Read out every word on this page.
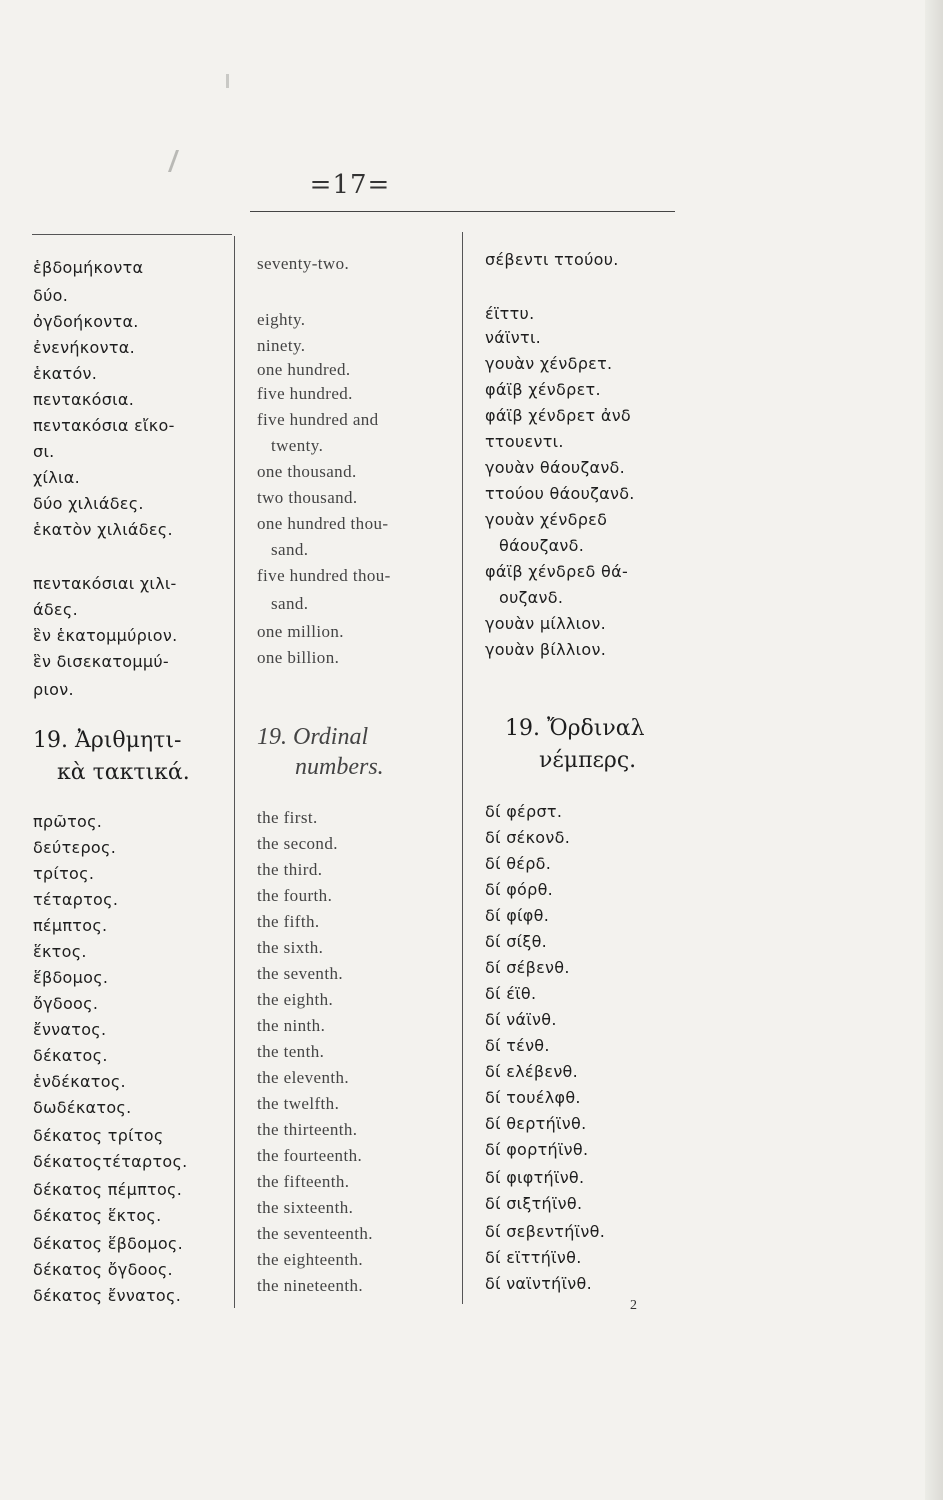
=17=
ἑβδομήκοντα
δύο.
ὀγδοήκοντα.
ἐνενήκοντα.
ἑκατόν.
πεντακόσια.
πεντακόσια εἴκο-
σι.
χίλια.
δύο χιλιάδες.
ἑκατὸν χιλιάδες.
πεντακόσιαι χιλι-
άδες.
ἓν ἑκατομμύριον.
ἓν δισεκατομμύ-
ριον.
19. Ἀριθμητι-
κὰ τακτικά.
πρῶτος.
δεύτερος.
τρίτος.
τέταρτος.
πέμπτος.
ἕκτος.
ἕβδομος.
ὄγδοος.
ἔννατος.
δέκατος.
ἑνδέκατος.
δωδέκατος.
δέκατος τρίτος
δέκατοςτέταρτος.
δέκατος πέμπτος.
δέκατος ἕκτος.
δέκατος ἕβδομος.
δέκατος ὄγδοος.
δέκατος ἔννατος.
seventy-two.
eighty.
ninety.
one hundred.
five hundred.
five hundred and
twenty.
one thousand.
two thousand.
one hundred thou-
sand.
five hundred thou-
sand.
one million.
one billion.
19. Ordinal
numbers.
the first.
the second.
the third.
the fourth.
the fifth.
the sixth.
the seventh.
the eighth.
the ninth.
the tenth.
the eleventh.
the twelfth.
the thirteenth.
the fourteenth.
the fifteenth.
the sixteenth.
the seventeenth.
the eighteenth.
the nineteenth.
σέβεντι ττούου.
έϊττυ.
νάϊντι.
γουὰν χένδρετ.
φάϊβ χένδρετ.
φάϊβ χένδρετ ἀνδ
ττουεντι.
γουὰν θάουζανδ.
ττούου θάουζανδ.
γουὰν χένδρεδ
θάουζανδ.
φάϊβ χένδρεδ θά-
ουζανδ.
γουὰν μίλλιον.
γουὰν βίλλιον.
19. Ὄρδιναλ
νέμπερς.
δί φέρστ.
δί σέκονδ.
δί θέρδ.
δί φόρθ.
δί φίφθ.
δί σίξθ.
δί σέβενθ.
δί έϊθ.
δί νάϊνθ.
δί τένθ.
δί ελέβενθ.
δί τουέλφθ.
δί θερτήϊνθ.
δί φορτήϊνθ.
δί φιφτήϊνθ.
δί σιξτήϊνθ.
δί σεβεντήϊνθ.
δί εϊττήϊνθ.
δί ναϊντήϊνθ.
2
